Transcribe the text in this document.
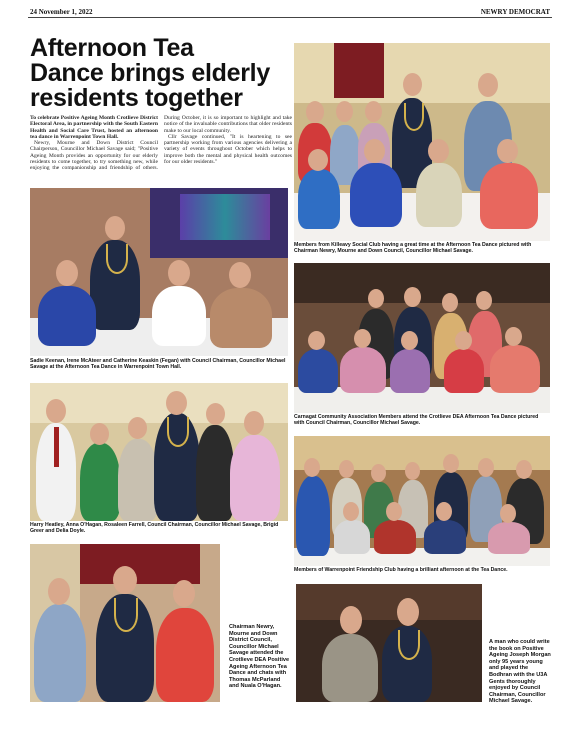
24 November 1, 2022	NEWRY DEMOCRAT
Afternoon Tea
Dance brings elderly
residents together
To celebrate Positive Ageing Month Crotlieve District Electoral Area, in partnership with the South Eastern Health and Social Care Trust, hosted an afternoon tea dance in Warrenpoint Town Hall.
Newry, Mourne and Down District Council Chairperson, Councillor Michael Savage said; "Positive Ageing Month provides an opportunity for our elderly residents to come together, to try something new, while enjoying the companionship and friendship of others. During October, it is so important to highlight and take notice of the invaluable contributions that older residents make to our local community.
Cllr Savage continued, "It is heartening to see partnership working from various agencies delivering a variety of events throughout October which helps to improve both the mental and physical health outcomes for our older residents."
Members from Killeavy Social Club having a great time at the Afternoon Tea Dance pictured with Chairman Newry, Mourne and Down Council, Councillor Michael Savage.
Sadie Keenan, Irene McAteer and Catherine Keaskin (Fegan) with Council Chairman, Councillor Michael Savage at the Afternoon Tea Dance in Warrenpoint Town Hall.
Carnagat Community Association Members attend the Crotlieve DEA Afternoon Tea Dance pictured with Council Chairman, Councillor Michael Savage.
Harry Heatley, Anna O'Hagan, Rosaleen Farrell, Council Chairman, Councillor Michael Savage, Brigid Greer and Delia Doyle.
Members of Warrenpoint Friendship Club having a brilliant afternoon at the Tea Dance.
Chairman Newry, Mourne and Down District Council, Councillor Michael Savage attended the Crotlieve DEA Positive Ageing Afternoon Tea Dance and chats with Thomas McParland and Nuala O'Hagan.
A man who could write the book on Positive Ageing Joseph Morgan only 95 years young and played the Bodhran with the U3A Gents thoroughly enjoyed by Council Chairman, Councillor Michael Savage.
